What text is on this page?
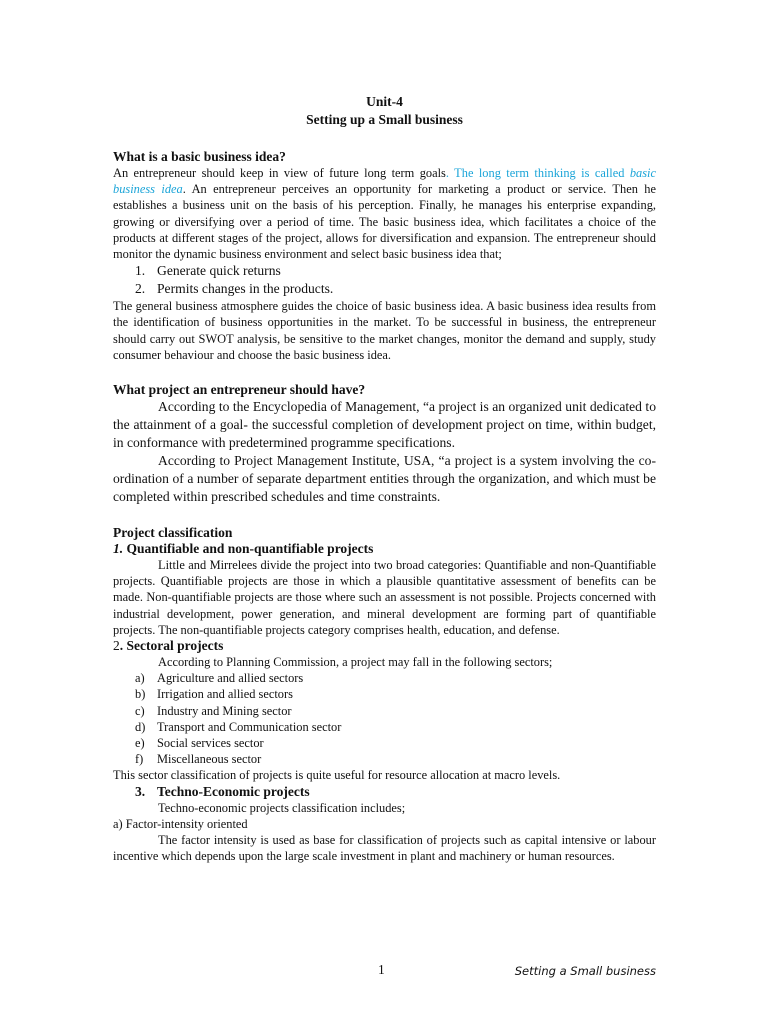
Unit-4
Setting up a Small business
What is a basic business idea?

An entrepreneur should keep in view of future long term goals. The long term thinking is called basic business idea. An entrepreneur perceives an opportunity for marketing a product or service. Then he establishes a business unit on the basis of his perception. Finally, he manages his enterprise expanding, growing or diversifying over a period of time. The basic business idea, which facilitates a choice of the products at different stages of the project, allows for diversification and expansion. The entrepreneur should monitor the dynamic business environment and select basic business idea that;

1. Generate quick returns
2. Permits changes in the products.

The general business atmosphere guides the choice of basic business idea. A basic business idea results from the identification of business opportunities in the market. To be successful in business, the entrepreneur should carry out SWOT analysis, be sensitive to the market changes, monitor the demand and supply, study consumer behaviour and choose the basic business idea.

What project an entrepreneur should have?

According to the Encyclopedia of Management, “a project is an organized unit dedicated to the attainment of a goal- the successful completion of development project on time, within budget, in conformance with predetermined programme specifications.

According to Project Management Institute, USA, “a project is a system involving the co-ordination of a number of separate department entities through the organization, and which must be completed within prescribed schedules and time constraints.

Project classification
1. Quantifiable and non-quantifiable projects

Little and Mirrelees divide the project into two broad categories: Quantifiable and non-Quantifiable projects. Quantifiable projects are those in which a plausible quantitative assessment of benefits can be made. Non-quantifiable projects are those where such an assessment is not possible. Projects concerned with industrial development, power generation, and mineral development are forming part of quantifiable projects. The non-quantifiable projects category comprises health, education, and defense.

2. Sectoral projects

According to Planning Commission, a project may fall in the following sectors;

a) Agriculture and allied sectors
b) Irrigation and allied sectors
c) Industry and Mining sector
d) Transport and Communication sector
e) Social services sector
f)	Miscellaneous sector

This sector classification of projects is quite useful for resource allocation at macro levels.

3. Techno-Economic projects

Techno-economic projects classification includes;

a) Factor-intensity oriented

The factor intensity is used as base for classification of projects such as capital intensive or labour incentive which depends upon the large scale investment in plant and machinery or human resources.

1	Setting a Small business
